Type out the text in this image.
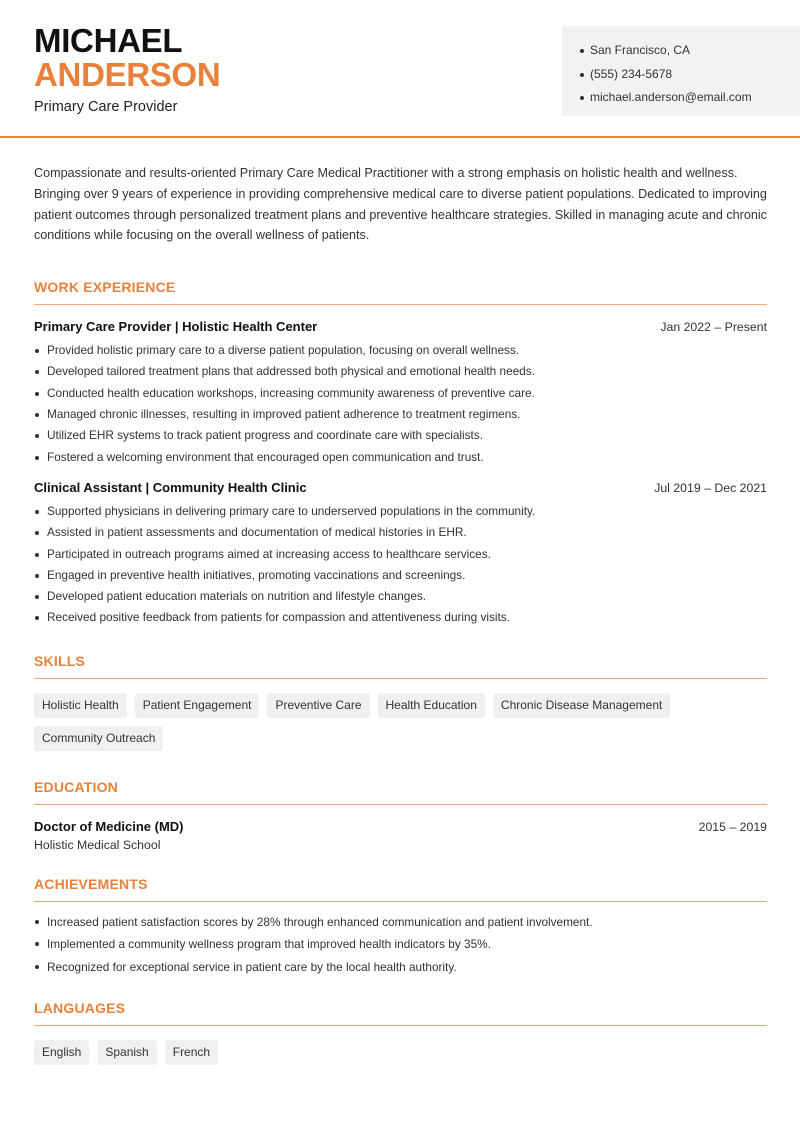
MICHAEL
ANDERSON
Primary Care Provider
San Francisco, CA
(555) 234-5678
michael.anderson@email.com

Compassionate and results-oriented Primary Care Medical Practitioner with a strong emphasis on holistic health and wellness. Bringing over 9 years of experience in providing comprehensive medical care to diverse patient populations. Dedicated to improving patient outcomes through personalized treatment plans and preventive healthcare strategies. Skilled in managing acute and chronic conditions while focusing on the overall wellness of patients.

WORK EXPERIENCE
Primary Care Provider | Holistic Health Center	Jan 2022 – Present
Provided holistic primary care to a diverse patient population, focusing on overall wellness.
Developed tailored treatment plans that addressed both physical and emotional health needs.
Conducted health education workshops, increasing community awareness of preventive care.
Managed chronic illnesses, resulting in improved patient adherence to treatment regimens.
Utilized EHR systems to track patient progress and coordinate care with specialists.
Fostered a welcoming environment that encouraged open communication and trust.
Clinical Assistant | Community Health Clinic	Jul 2019 – Dec 2021
Supported physicians in delivering primary care to underserved populations in the community.
Assisted in patient assessments and documentation of medical histories in EHR.
Participated in outreach programs aimed at increasing access to healthcare services.
Engaged in preventive health initiatives, promoting vaccinations and screenings.
Developed patient education materials on nutrition and lifestyle changes.
Received positive feedback from patients for compassion and attentiveness during visits.
SKILLS
Holistic Health	Patient Engagement	Preventive Care	Health Education	Chronic Disease Management
Community Outreach
EDUCATION
Doctor of Medicine (MD)	2015 – 2019
Holistic Medical School
ACHIEVEMENTS
Increased patient satisfaction scores by 28% through enhanced communication and patient involvement.
Implemented a community wellness program that improved health indicators by 35%.
Recognized for exceptional service in patient care by the local health authority.
LANGUAGES
English	Spanish	French
